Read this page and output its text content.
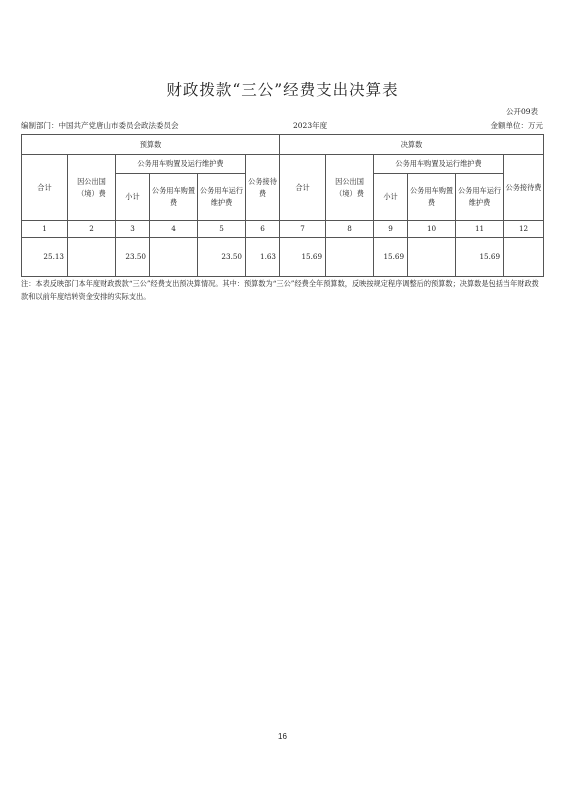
财政拨款“三公”经费支出决算表
公开09表
编制部门：中国共产党唐山市委员会政法委员会	2023年度	金额单位：万元
预算数						决算数					
合计	因公出国（境）费	公务用车购置及运行维护费			公务接待费	合计	因公出国（境）费	公务用车购置及运行维护费			公务接待费
		小计	公务用车购置费	公务用车运行维护费				小计	公务用车购置费	公务用车运行维护费	
1	2	3	4	5	6	7	8	9	10	11	12
25.13		23.50		23.50	1.63	15.69		15.69		15.69	
注：本表反映部门本年度财政拨款“三公”经费支出预决算情况。其中：预算数为“三公”经费全年预算数，反映按规定程序调整后的预算数；决算数是包括当年财政拨款和以前年度结转资金安排的实际支出。
16
